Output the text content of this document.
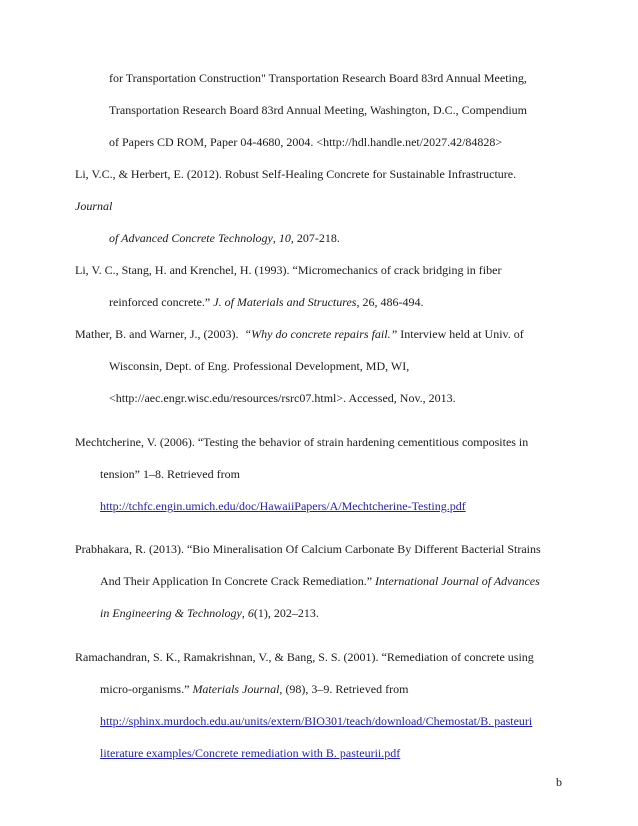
for Transportation Construction" Transportation Research Board 83rd Annual Meeting,
Transportation Research Board 83rd Annual Meeting, Washington, D.C., Compendium
of Papers CD ROM, Paper 04-4680, 2004. <http://hdl.handle.net/2027.42/84828>
Li, V.C., & Herbert, E. (2012). Robust Self-Healing Concrete for Sustainable Infrastructure.
Journal
of Advanced Concrete Technology, 10, 207-218.
Li, V. C., Stang, H. and Krenchel, H. (1993). “Micromechanics of crack bridging in fiber
reinforced concrete.” J. of Materials and Structures, 26, 486-494.
Mather, B. and Warner, J., (2003).  “Why do concrete repairs fail.” Interview held at Univ. of
Wisconsin, Dept. of Eng. Professional Development, MD, WI,
<http://aec.engr.wisc.edu/resources/rsrc07.html>. Accessed, Nov., 2013.
Mechtcherine, V. (2006). “Testing the behavior of strain hardening cementitious composites in
tension” 1–8. Retrieved from
http://tchfc.engin.umich.edu/doc/HawaiiPapers/A/Mechtcherine-Testing.pdf
Prabhakara, R. (2013). “Bio Mineralisation Of Calcium Carbonate By Different Bacterial Strains
And Their Application In Concrete Crack Remediation.” International Journal of Advances
in Engineering & Technology, 6(1), 202–213.
Ramachandran, S. K., Ramakrishnan, V., & Bang, S. S. (2001). “Remediation of concrete using
micro-organisms.” Materials Journal, (98), 3–9. Retrieved from
http://sphinx.murdoch.edu.au/units/extern/BIO301/teach/download/Chemostat/B. pasteuri
literature examples/Concrete remediation with B. pasteurii.pdf
b
